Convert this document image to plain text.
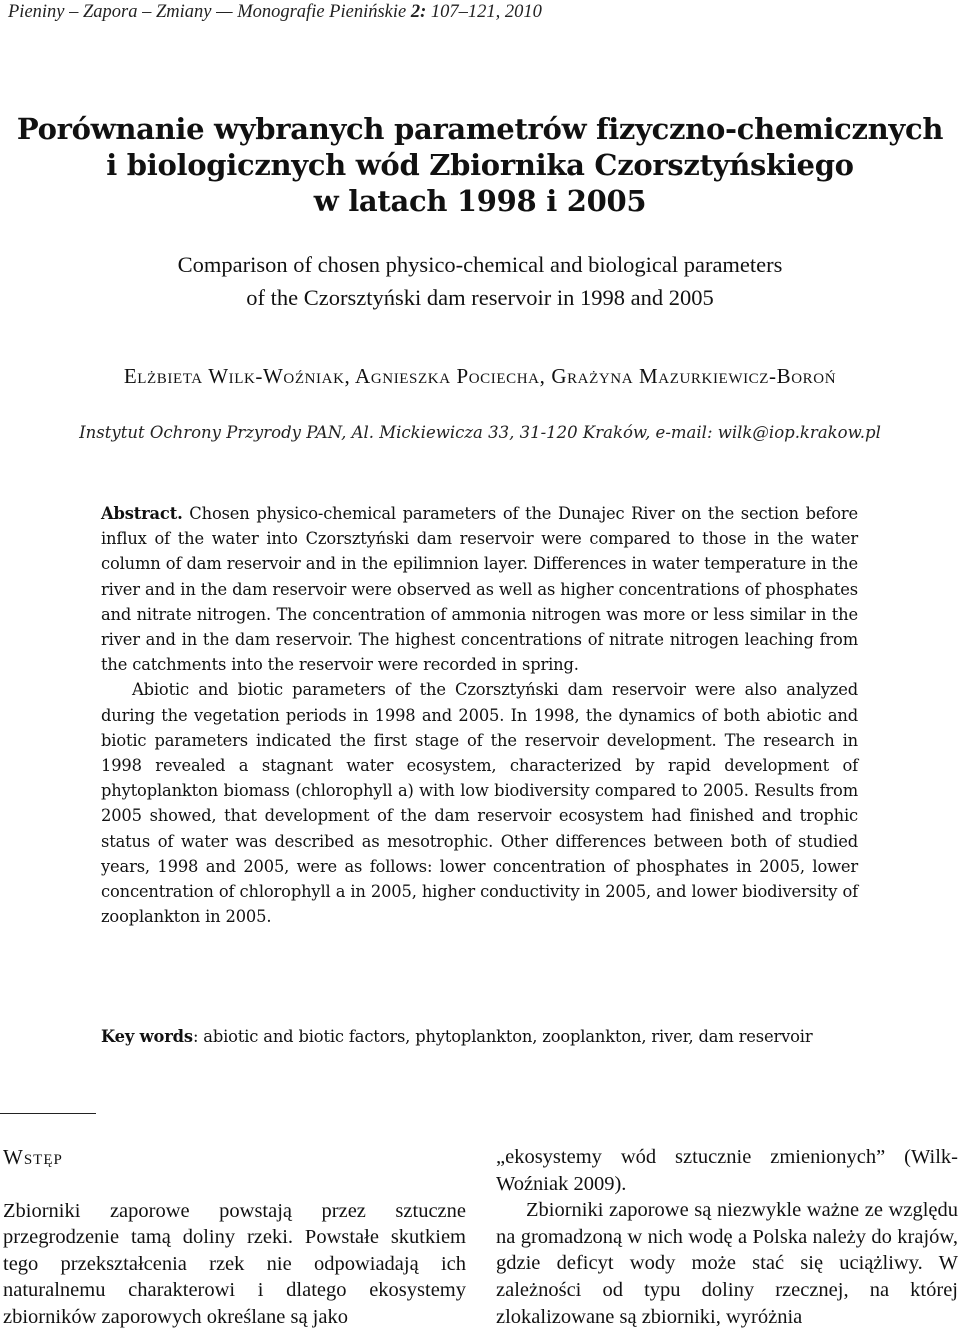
Pieniny – Zapora – Zmiany — Monografie Pienińskie 2: 107–121, 2010
Porównanie wybranych parametrów fizyczno-chemicznych
i biologicznych wód Zbiornika Czorsztyńskiego
w latach 1998 i 2005
Comparison of chosen physico-chemical and biological parameters
of the Czorsztyński dam reservoir in 1998 and 2005
Elżbieta Wilk-Woźniak, Agnieszka Pociecha, Grażyna Mazurkiewicz-Boroń
Instytut Ochrony Przyrody PAN, Al. Mickiewicza 33, 31-120 Kraków, e-mail: wilk@iop.krakow.pl

Abstract. Chosen physico-chemical parameters of the Dunajec River on the section before influx of the water into Czorsztyński dam reservoir were compared to those in the water column of dam reservoir and in the epilimnion layer. Differences in water temperature in the river and in the dam reservoir were observed as well as higher concentrations of phosphates and nitrate nitrogen. The concentration of ammonia nitrogen was more or less similar in the river and in the dam reservoir. The highest concentrations of nitrate nitrogen leaching from the catchments into the reservoir were recorded in spring.

Abiotic and biotic parameters of the Czorsztyński dam reservoir were also analyzed during the vegetation periods in 1998 and 2005. In 1998, the dynamics of both abiotic and biotic parameters indicated the first stage of the reservoir development. The research in 1998 revealed a stagnant water ecosystem, characterized by rapid development of phytoplankton biomass (chlorophyll a) with low biodiversity compared to 2005. Results from 2005 showed, that development of the dam reservoir ecosystem had finished and trophic status of water was described as mesotrophic. Other differences between both of studied years, 1998 and 2005, were as follows: lower concentration of phosphates in 2005, lower concentration of chlorophyll a in 2005, higher conductivity in 2005, and lower biodiversity of zooplankton in 2005.

Key words: abiotic and biotic factors, phytoplankton, zooplankton, river, dam reservoir
Wstęp

Zbiorniki zaporowe powstają przez sztuczne przegrodzenie tamą doliny rzeki. Powstałe skutkiem tego przekształcenia rzek nie odpowiadają ich naturalnemu charakterowi i dlatego ekosystemy zbiorników zaporowych określane są jako

„ekosystemy wód sztucznie zmienionych” (Wilk-Woźniak 2009).

Zbiorniki zaporowe są niezwykle ważne ze względu na gromadzoną w nich wodę a Polska należy do krajów, gdzie deficyt wody może stać się uciążliwy. W zależności od typu doliny rzecznej, na której zlokalizowane są zbiorniki, wyróżnia
